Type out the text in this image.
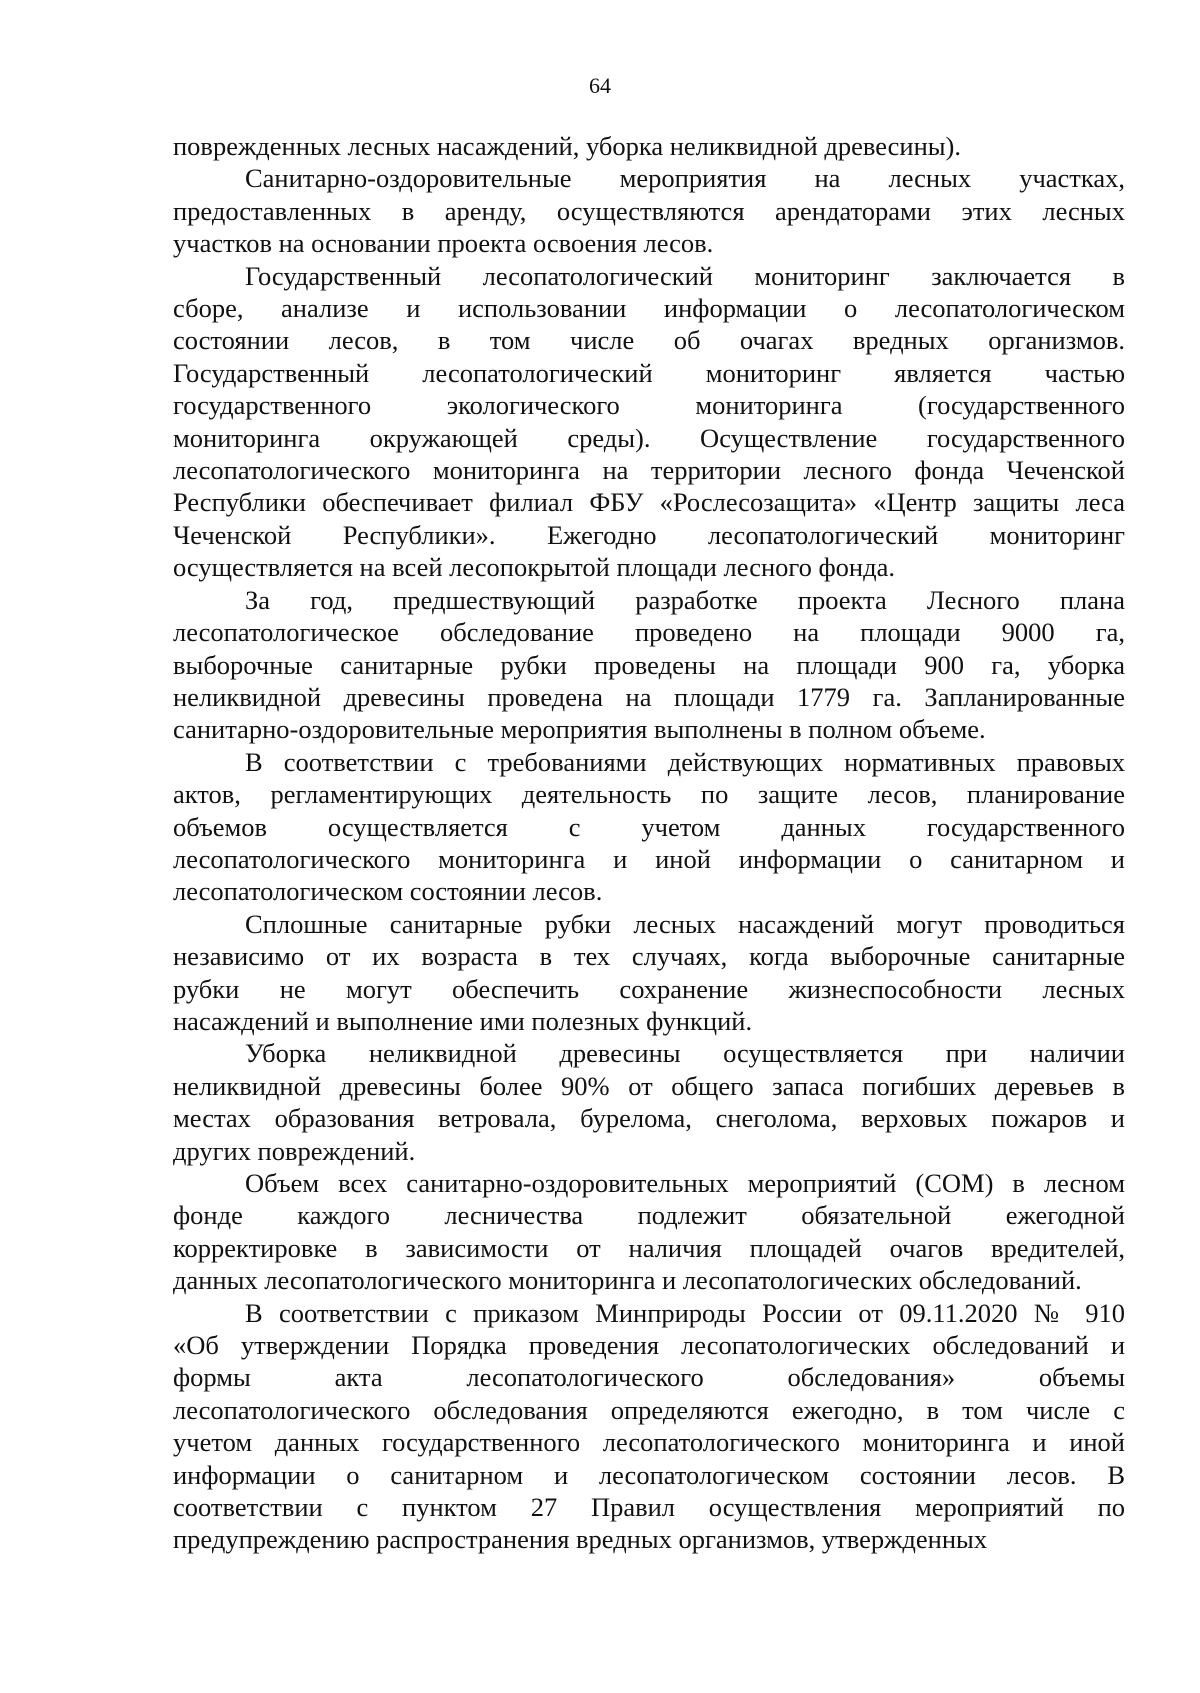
64
поврежденных лесных насаждений, уборка неликвидной древесины).
Санитарно-оздоровительные мероприятия на лесных участках,
предоставленных в аренду, осуществляются арендаторами этих лесных
участков на основании проекта освоения лесов.
Государственный лесопатологический мониторинг заключается в
сборе, анализе и использовании информации о лесопатологическом
состоянии лесов, в том числе об очагах вредных организмов.
Государственный лесопатологический мониторинг является частью
государственного экологического мониторинга (государственного
мониторинга окружающей среды). Осуществление государственного
лесопатологического мониторинга на территории лесного фонда Чеченской
Республики обеспечивает филиал ФБУ «Рослесозащита» «Центр защиты леса
Чеченской Республики». Ежегодно лесопатологический мониторинг
осуществляется на всей лесопокрытой площади лесного фонда.
За год, предшествующий разработке проекта Лесного плана
лесопатологическое обследование проведено на площади 9000 га,
выборочные санитарные рубки проведены на площади 900 га, уборка
неликвидной древесины проведена на площади 1779 га. Запланированные
санитарно-оздоровительные мероприятия выполнены в полном объеме.
В соответствии с требованиями действующих нормативных правовых
актов, регламентирующих деятельность по защите лесов, планирование
объемов осуществляется с учетом данных государственного
лесопатологического мониторинга и иной информации о санитарном и
лесопатологическом состоянии лесов.
Сплошные санитарные рубки лесных насаждений могут проводиться
независимо от их возраста в тех случаях, когда выборочные санитарные
рубки не могут обеспечить сохранение жизнеспособности лесных
насаждений и выполнение ими полезных функций.
Уборка неликвидной древесины осуществляется при наличии
неликвидной древесины более 90% от общего запаса погибших деревьев в
местах образования ветровала, бурелома, снеголома, верховых пожаров и
других повреждений.
Объем всех санитарно-оздоровительных мероприятий (СОМ) в лесном
фонде каждого лесничества подлежит обязательной ежегодной
корректировке в зависимости от наличия площадей очагов вредителей,
данных лесопатологического мониторинга и лесопатологических обследований.
В соответствии с приказом Минприроды России от 09.11.2020 № 910
«Об утверждении Порядка проведения лесопатологических обследований и
формы акта лесопатологического обследования» объемы
лесопатологического обследования определяются ежегодно, в том числе с
учетом данных государственного лесопатологического мониторинга и иной
информации о санитарном и лесопатологическом состоянии лесов. В
соответствии с пунктом 27 Правил осуществления мероприятий по
предупреждению распространения вредных организмов, утвержденных
